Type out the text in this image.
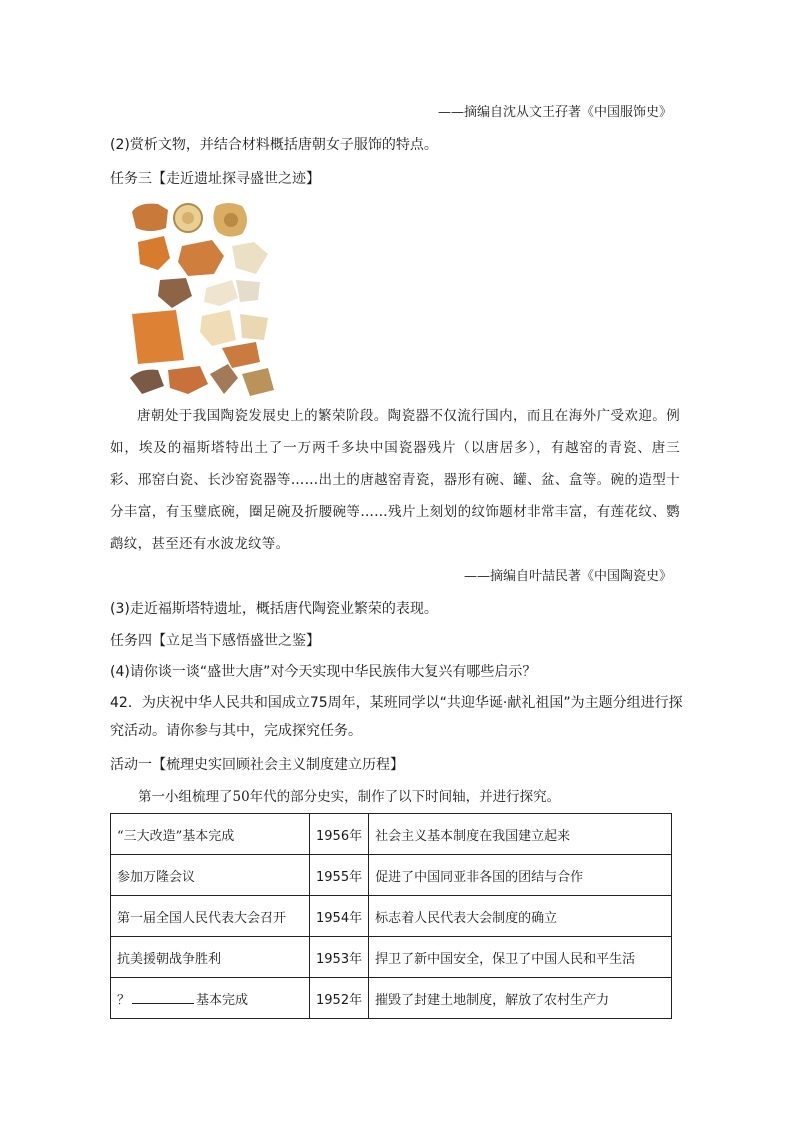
——摘编自沈从文王孖著《中国服饰史》
(2)赏析文物，并结合材料概括唐朝女子服饰的特点。
任务三【走近遗址探寻盛世之迹】
唐朝处于我国陶瓷发展史上的繁荣阶段。陶瓷器不仅流行国内，而且在海外广受欢迎。例如，埃及的福斯塔特出土了一万两千多块中国瓷器残片（以唐居多），有越窑的青瓷、唐三彩、邢窑白瓷、长沙窑瓷器等……出土的唐越窑青瓷，器形有碗、罐、盆、盒等。碗的造型十分丰富，有玉璧底碗，圈足碗及折腰碗等……残片上刻划的纹饰题材非常丰富，有莲花纹、鹦鹉纹，甚至还有水波龙纹等。
——摘编自叶喆民著《中国陶瓷史》
(3)走近福斯塔特遗址，概括唐代陶瓷业繁荣的表现。
任务四【立足当下感悟盛世之鉴】
(4)请你谈一谈“盛世大唐”对今天实现中华民族伟大复兴有哪些启示？
42．为庆祝中华人民共和国成立75周年，某班同学以“共迎华诞·献礼祖国”为主题分组进行探究活动。请你参与其中，完成探究任务。
活动一【梳理史实回顾社会主义制度建立历程】
第一小组梳理了50年代的部分史实，制作了以下时间轴，并进行探究。
“三大改造”基本完成	1956年	社会主义基本制度在我国建立起来
参加万隆会议	1955年	促进了中国同亚非各国的团结与合作
第一届全国人民代表大会召开	1954年	标志着人民代表大会制度的确立
抗美援朝战争胜利	1953年	捍卫了新中国安全，保卫了中国人民和平生活
？ 基本完成	1952年	摧毁了封建土地制度，解放了农村生产力
